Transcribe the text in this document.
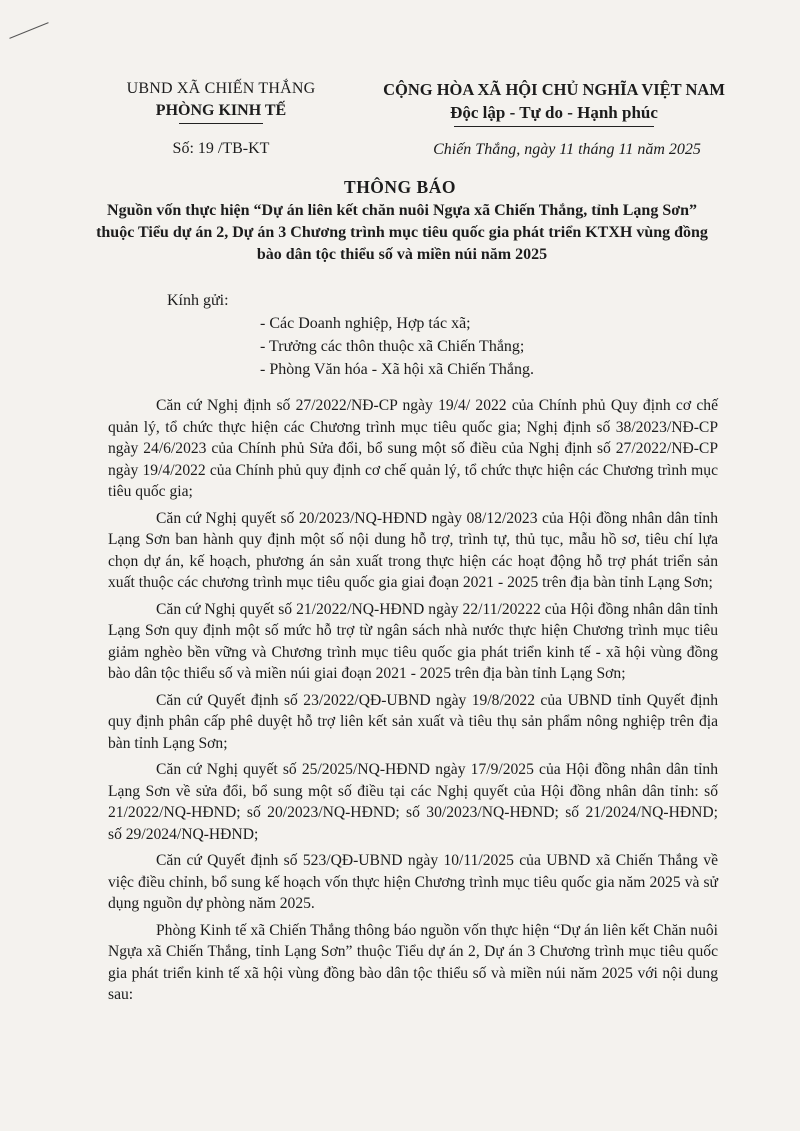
UBND XÃ CHIẾN THẮNG
PHÒNG KINH TẾ
Số: 19 /TB-KT
CỘNG HÒA XÃ HỘI CHỦ NGHĨA VIỆT NAM
Độc lập - Tự do - Hạnh phúc
Chiến Thắng, ngày 11 tháng 11 năm 2025
THÔNG BÁO
Nguồn vốn thực hiện “Dự án liên kết chăn nuôi Ngựa xã Chiến Thắng, tỉnh Lạng Sơn” thuộc Tiểu dự án 2, Dự án 3 Chương trình mục tiêu quốc gia phát triển KTXH vùng đồng bào dân tộc thiểu số và miền núi năm 2025
Kính gửi:
- Các Doanh nghiệp, Hợp tác xã;
- Trưởng các thôn thuộc xã Chiến Thắng;
- Phòng Văn hóa - Xã hội xã Chiến Thắng.

Căn cứ Nghị định số 27/2022/NĐ-CP ngày 19/4/ 2022 của Chính phủ Quy định cơ chế quản lý, tổ chức thực hiện các Chương trình mục tiêu quốc gia; Nghị định số 38/2023/NĐ-CP ngày 24/6/2023 của Chính phủ Sửa đổi, bổ sung một số điều của Nghị định số 27/2022/NĐ-CP ngày 19/4/2022 của Chính phủ quy định cơ chế quản lý, tổ chức thực hiện các Chương trình mục tiêu quốc gia;

Căn cứ Nghị quyết số 20/2023/NQ-HĐND ngày 08/12/2023 của Hội đồng nhân dân tỉnh Lạng Sơn ban hành quy định một số nội dung hỗ trợ, trình tự, thủ tục, mẫu hồ sơ, tiêu chí lựa chọn dự án, kế hoạch, phương án sản xuất trong thực hiện các hoạt động hỗ trợ phát triển sản xuất thuộc các chương trình mục tiêu quốc gia giai đoạn 2021 - 2025 trên địa bàn tỉnh Lạng Sơn;

Căn cứ Nghị quyết số 21/2022/NQ-HĐND ngày 22/11/20222 của Hội đồng nhân dân tỉnh Lạng Sơn quy định một số mức hỗ trợ từ ngân sách nhà nước thực hiện Chương trình mục tiêu giảm nghèo bền vững và Chương trình mục tiêu quốc gia phát triển kinh tế - xã hội vùng đồng bào dân tộc thiểu số và miền núi giai đoạn 2021 - 2025 trên địa bàn tỉnh Lạng Sơn;

Căn cứ Quyết định số 23/2022/QĐ-UBND ngày 19/8/2022 của UBND tỉnh Quyết định quy định phân cấp phê duyệt hỗ trợ liên kết sản xuất và tiêu thụ sản phẩm nông nghiệp trên địa bàn tỉnh Lạng Sơn;

Căn cứ Nghị quyết số 25/2025/NQ-HĐND ngày 17/9/2025 của Hội đồng nhân dân tỉnh Lạng Sơn về sửa đổi, bổ sung một số điều tại các Nghị quyết của Hội đồng nhân dân tỉnh: số 21/2022/NQ-HĐND; số 20/2023/NQ-HĐND; số 30/2023/NQ-HĐND; số 21/2024/NQ-HĐND; số 29/2024/NQ-HĐND;

Căn cứ Quyết định số 523/QĐ-UBND ngày 10/11/2025 của UBND xã Chiến Thắng về việc điều chỉnh, bổ sung kế hoạch vốn thực hiện Chương trình mục tiêu quốc gia năm 2025 và sử dụng nguồn dự phòng năm 2025.

Phòng Kinh tế xã Chiến Thắng thông báo nguồn vốn thực hiện “Dự án liên kết Chăn nuôi Ngựa xã Chiến Thắng, tỉnh Lạng Sơn” thuộc Tiểu dự án 2, Dự án 3 Chương trình mục tiêu quốc gia phát triển kinh tế xã hội vùng đồng bào dân tộc thiểu số và miền núi năm 2025 với nội dung sau:
